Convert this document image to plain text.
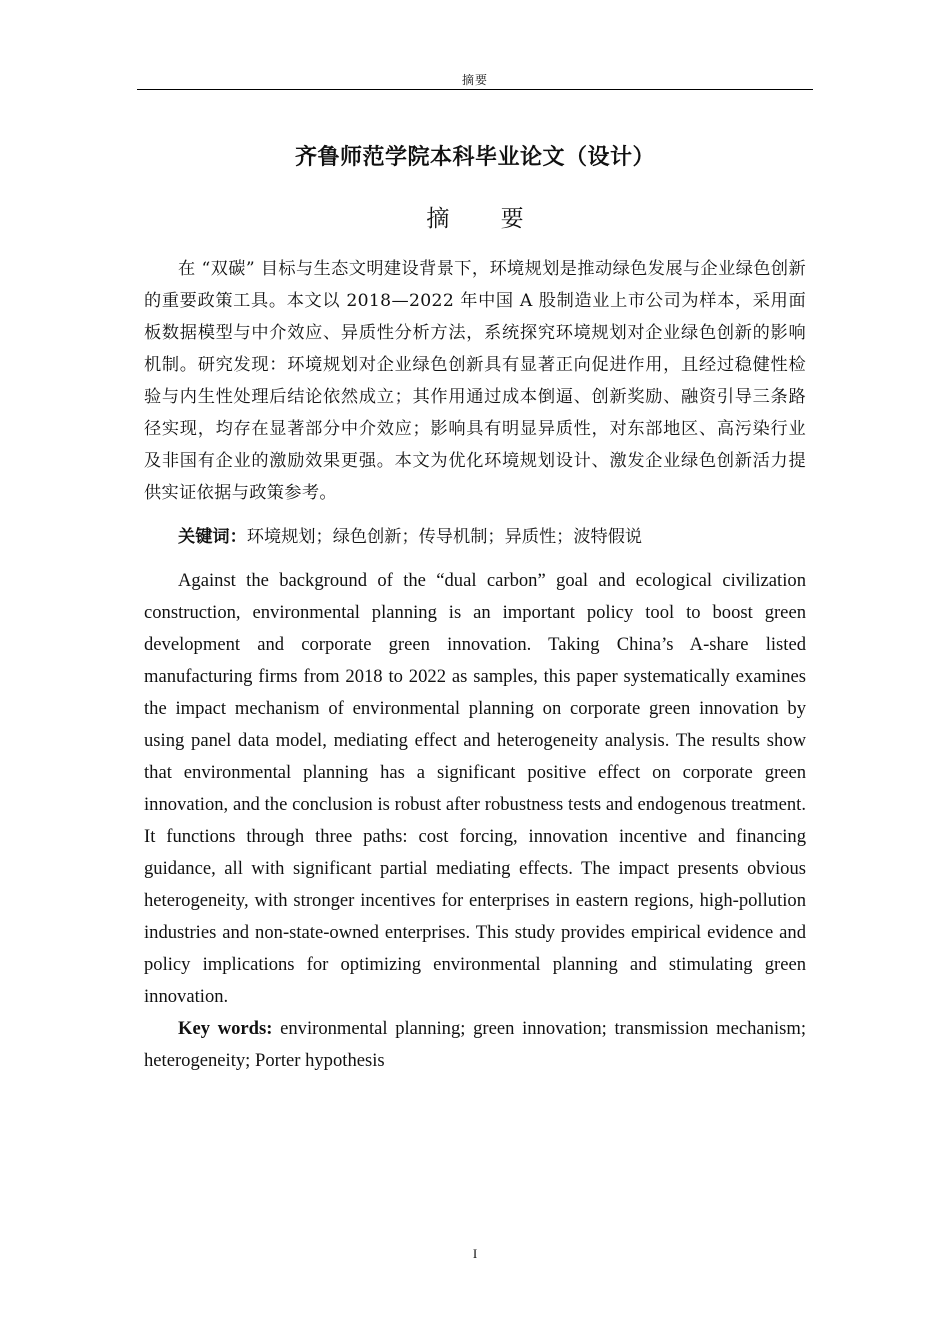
摘要
齐鲁师范学院本科毕业论文（设计）
摘 要

在 “双碳” 目标与生态文明建设背景下，环境规划是推动绿色发展与企业绿色创新的重要政策工具。本文以 2018—2022 年中国 A 股制造业上市公司为样本，采用面板数据模型与中介效应、异质性分析方法，系统探究环境规划对企业绿色创新的影响机制。研究发现：环境规划对企业绿色创新具有显著正向促进作用，且经过稳健性检验与内生性处理后结论依然成立；其作用通过成本倒逼、创新奖励、融资引导三条路径实现，均存在显著部分中介效应；影响具有明显异质性，对东部地区、高污染行业及非国有企业的激励效果更强。本文为优化环境规划设计、激发企业绿色创新活力提供实证依据与政策参考。

关键词：环境规划；绿色创新；传导机制；异质性；波特假说

Against the background of the “dual carbon” goal and ecological civilization construction, environmental planning is an important policy tool to boost green development and corporate green innovation. Taking China’s A-share listed manufacturing firms from 2018 to 2022 as samples, this paper systematically examines the impact mechanism of environmental planning on corporate green innovation by using panel data model, mediating effect and heterogeneity analysis. The results show that environmental planning has a significant positive effect on corporate green innovation, and the conclusion is robust after robustness tests and endogenous treatment. It functions through three paths: cost forcing, innovation incentive and financing guidance, all with significant partial mediating effects. The impact presents obvious heterogeneity, with stronger incentives for enterprises in eastern regions, high-pollution industries and non-state-owned enterprises. This study provides empirical evidence and policy implications for optimizing environmental planning and stimulating green innovation.

Key words: environmental planning; green innovation; transmission mechanism; heterogeneity; Porter hypothesis

I
